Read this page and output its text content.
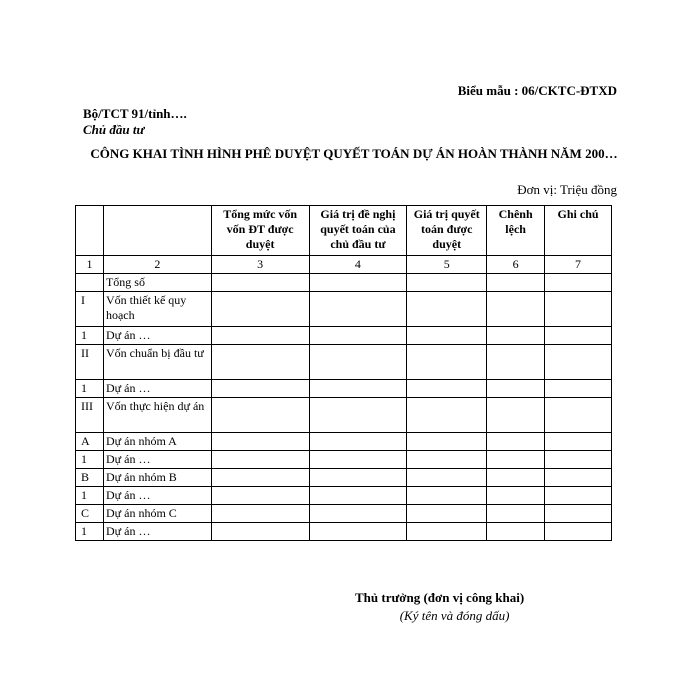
Biểu mẫu : 06/CKTC-ĐTXD
Bộ/TCT 91/tỉnh….
Chủ đầu tư
CÔNG KHAI TÌNH HÌNH PHÊ DUYỆT QUYẾT TOÁN DỰ ÁN HOÀN THÀNH NĂM 200…
Đơn vị: Triệu đồng
		Tổng mức vốn vốn ĐT được duyệt	Giá trị đề nghị quyết toán của chủ đầu tư	Giá trị quyết toán được duyệt	Chênh lệch	Ghi chú
1	2	3	4	5	6	7
	Tổng số					
I	Vốn thiết kế quy hoạch					
1	Dự án …					
II	Vốn chuẩn bị đầu tư					
1	Dự án …					
III	Vốn thực hiện dự án					
A	Dự án nhóm A					
1	Dự án …					
B	Dự án nhóm B					
1	Dự án …					
C	Dự án nhóm C					
1	Dự án …					
Thủ trưởng (đơn vị công khai)
(Ký tên và đóng dấu)
